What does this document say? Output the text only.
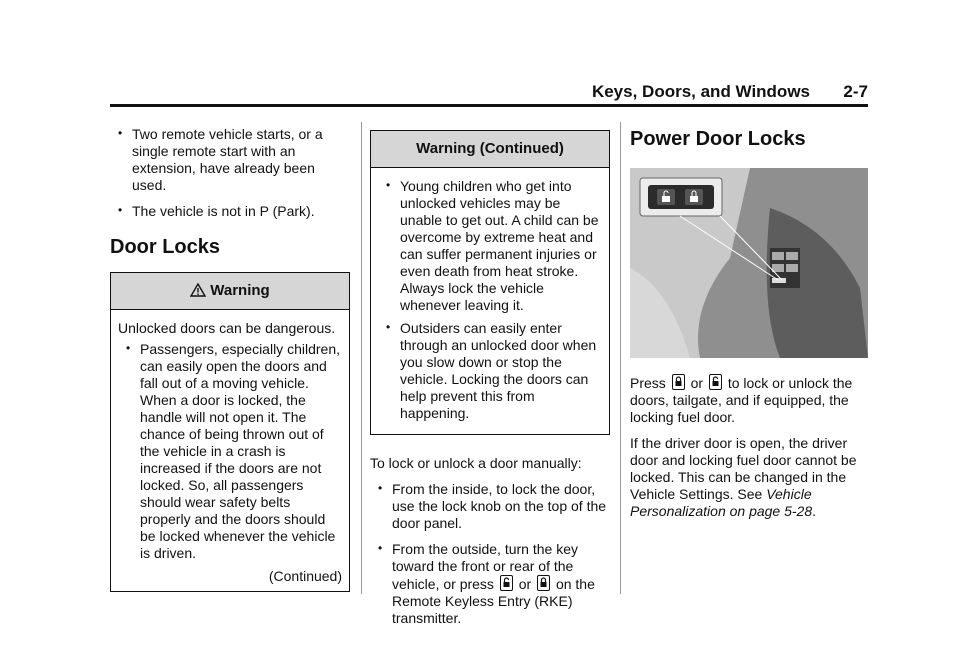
Keys, Doors, and Windows 2-7
• Two remote vehicle starts, or a single remote start with an extension, have already been used.
• The vehicle is not in P (Park).
Door Locks
Warning

Unlocked doors can be dangerous.

• Passengers, especially children, can easily open the doors and fall out of a moving vehicle. When a door is locked, the handle will not open it. The chance of being thrown out of the vehicle in a crash is increased if the doors are not locked. So, all passengers should wear safety belts properly and the doors should be locked whenever the vehicle is driven.
(Continued)
Warning (Continued)
• Young children who get into unlocked vehicles may be unable to get out. A child can be overcome by extreme heat and can suffer permanent injuries or even death from heat stroke. Always lock the vehicle whenever leaving it.
• Outsiders can easily enter through an unlocked door when you slow down or stop the vehicle. Locking the doors can help prevent this from happening.

To lock or unlock a door manually:

• From the inside, to lock the door, use the lock knob on the top of the door panel.
• From the outside, turn the key toward the front or rear of the vehicle, or press or on the Remote Keyless Entry (RKE) transmitter.
Power Door Locks

Press or to lock or unlock the doors, tailgate, and if equipped, the locking fuel door.

If the driver door is open, the driver door and locking fuel door cannot be locked. This can be changed in the Vehicle Settings. See Vehicle Personalization on page 5-28.
